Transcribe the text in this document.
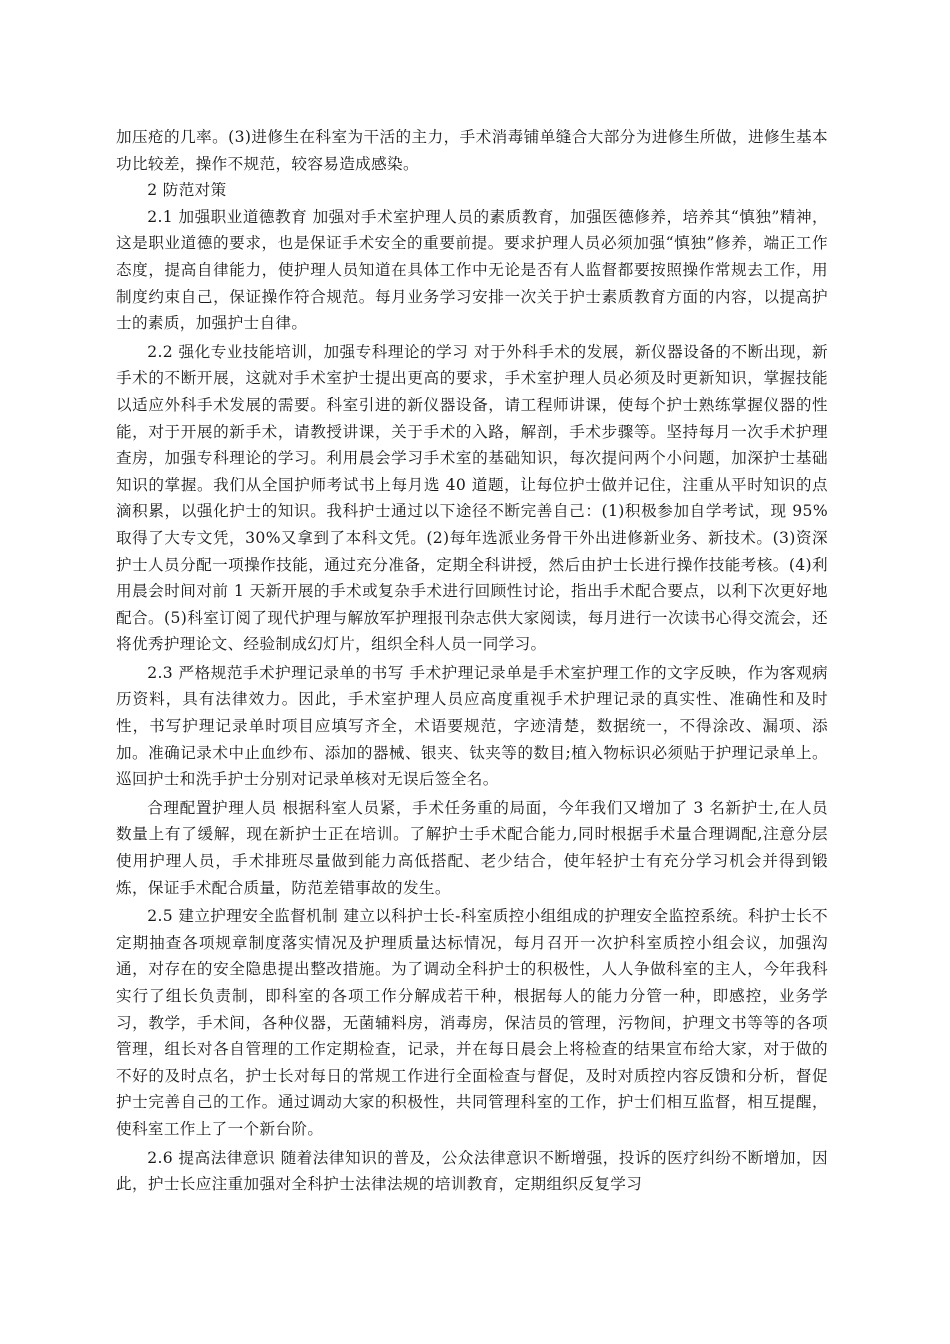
加压疮的几率。(3)进修生在科室为干活的主力，手术消毒铺单缝合大部分为进修生所做，进修生基本功比较差，操作不规范，较容易造成感染。

2 防范对策

2.1 加强职业道德教育 加强对手术室护理人员的素质教育，加强医德修养，培养其“慎独”精神，这是职业道德的要求，也是保证手术安全的重要前提。要求护理人员必须加强“慎独”修养，端正工作态度，提高自律能力，使护理人员知道在具体工作中无论是否有人监督都要按照操作常规去工作，用制度约束自己，保证操作符合规范。每月业务学习安排一次关于护士素质教育方面的内容，以提高护士的素质，加强护士自律。

2.2 强化专业技能培训，加强专科理论的学习 对于外科手术的发展，新仪器设备的不断出现，新手术的不断开展，这就对手术室护士提出更高的要求，手术室护理人员必须及时更新知识，掌握技能以适应外科手术发展的需要。科室引进的新仪器设备，请工程师讲课，使每个护士熟练掌握仪器的性能，对于开展的新手术，请教授讲课，关于手术的入路，解剖，手术步骤等。坚持每月一次手术护理查房，加强专科理论的学习。利用晨会学习手术室的基础知识，每次提问两个小问题，加深护士基础知识的掌握。我们从全国护师考试书上每月选 40 道题，让每位护士做并记住，注重从平时知识的点滴积累，以强化护士的知识。我科护士通过以下途径不断完善自己：(1)积极参加自学考试，现 95%取得了大专文凭，30%又拿到了本科文凭。(2)每年选派业务骨干外出进修新业务、新技术。(3)资深护士人员分配一项操作技能，通过充分准备，定期全科讲授，然后由护士长进行操作技能考核。(4)利用晨会时间对前 1 天新开展的手术或复杂手术进行回顾性讨论，指出手术配合要点，以利下次更好地配合。(5)科室订阅了现代护理与解放军护理报刊杂志供大家阅读，每月进行一次读书心得交流会，还将优秀护理论文、经验制成幻灯片，组织全科人员一同学习。

2.3 严格规范手术护理记录单的书写 手术护理记录单是手术室护理工作的文字反映，作为客观病历资料，具有法律效力。因此，手术室护理人员应高度重视手术护理记录的真实性、准确性和及时性，书写护理记录单时项目应填写齐全，术语要规范，字迹清楚，数据统一，不得涂改、漏项、添加。准确记录术中止血纱布、添加的器械、银夹、钛夹等的数目;植入物标识必须贴于护理记录单上。巡回护士和洗手护士分别对记录单核对无误后签全名。

合理配置护理人员 根据科室人员紧，手术任务重的局面，今年我们又增加了 3 名新护士,在人员数量上有了缓解，现在新护士正在培训。了解护士手术配合能力,同时根据手术量合理调配,注意分层使用护理人员，手术排班尽量做到能力高低搭配、老少结合，使年轻护士有充分学习机会并得到锻炼，保证手术配合质量，防范差错事故的发生。

2.5 建立护理安全监督机制 建立以科护士长-科室质控小组组成的护理安全监控系统。科护士长不定期抽查各项规章制度落实情况及护理质量达标情况，每月召开一次护科室质控小组会议，加强沟通，对存在的安全隐患提出整改措施。为了调动全科护士的积极性，人人争做科室的主人，今年我科实行了组长负责制，即科室的各项工作分解成若干种，根据每人的能力分管一种，即感控，业务学习，教学，手术间，各种仪器，无菌辅料房，消毒房，保洁员的管理，污物间，护理文书等等的各项管理，组长对各自管理的工作定期检查，记录，并在每日晨会上将检查的结果宣布给大家，对于做的不好的及时点名，护士长对每日的常规工作进行全面检查与督促，及时对质控内容反馈和分析，督促护士完善自己的工作。通过调动大家的积极性，共同管理科室的工作，护士们相互监督，相互提醒，使科室工作上了一个新台阶。

2.6 提高法律意识 随着法律知识的普及，公众法律意识不断增强，投诉的医疗纠纷不断增加，因此，护士长应注重加强对全科护士法律法规的培训教育，定期组织反复学习
